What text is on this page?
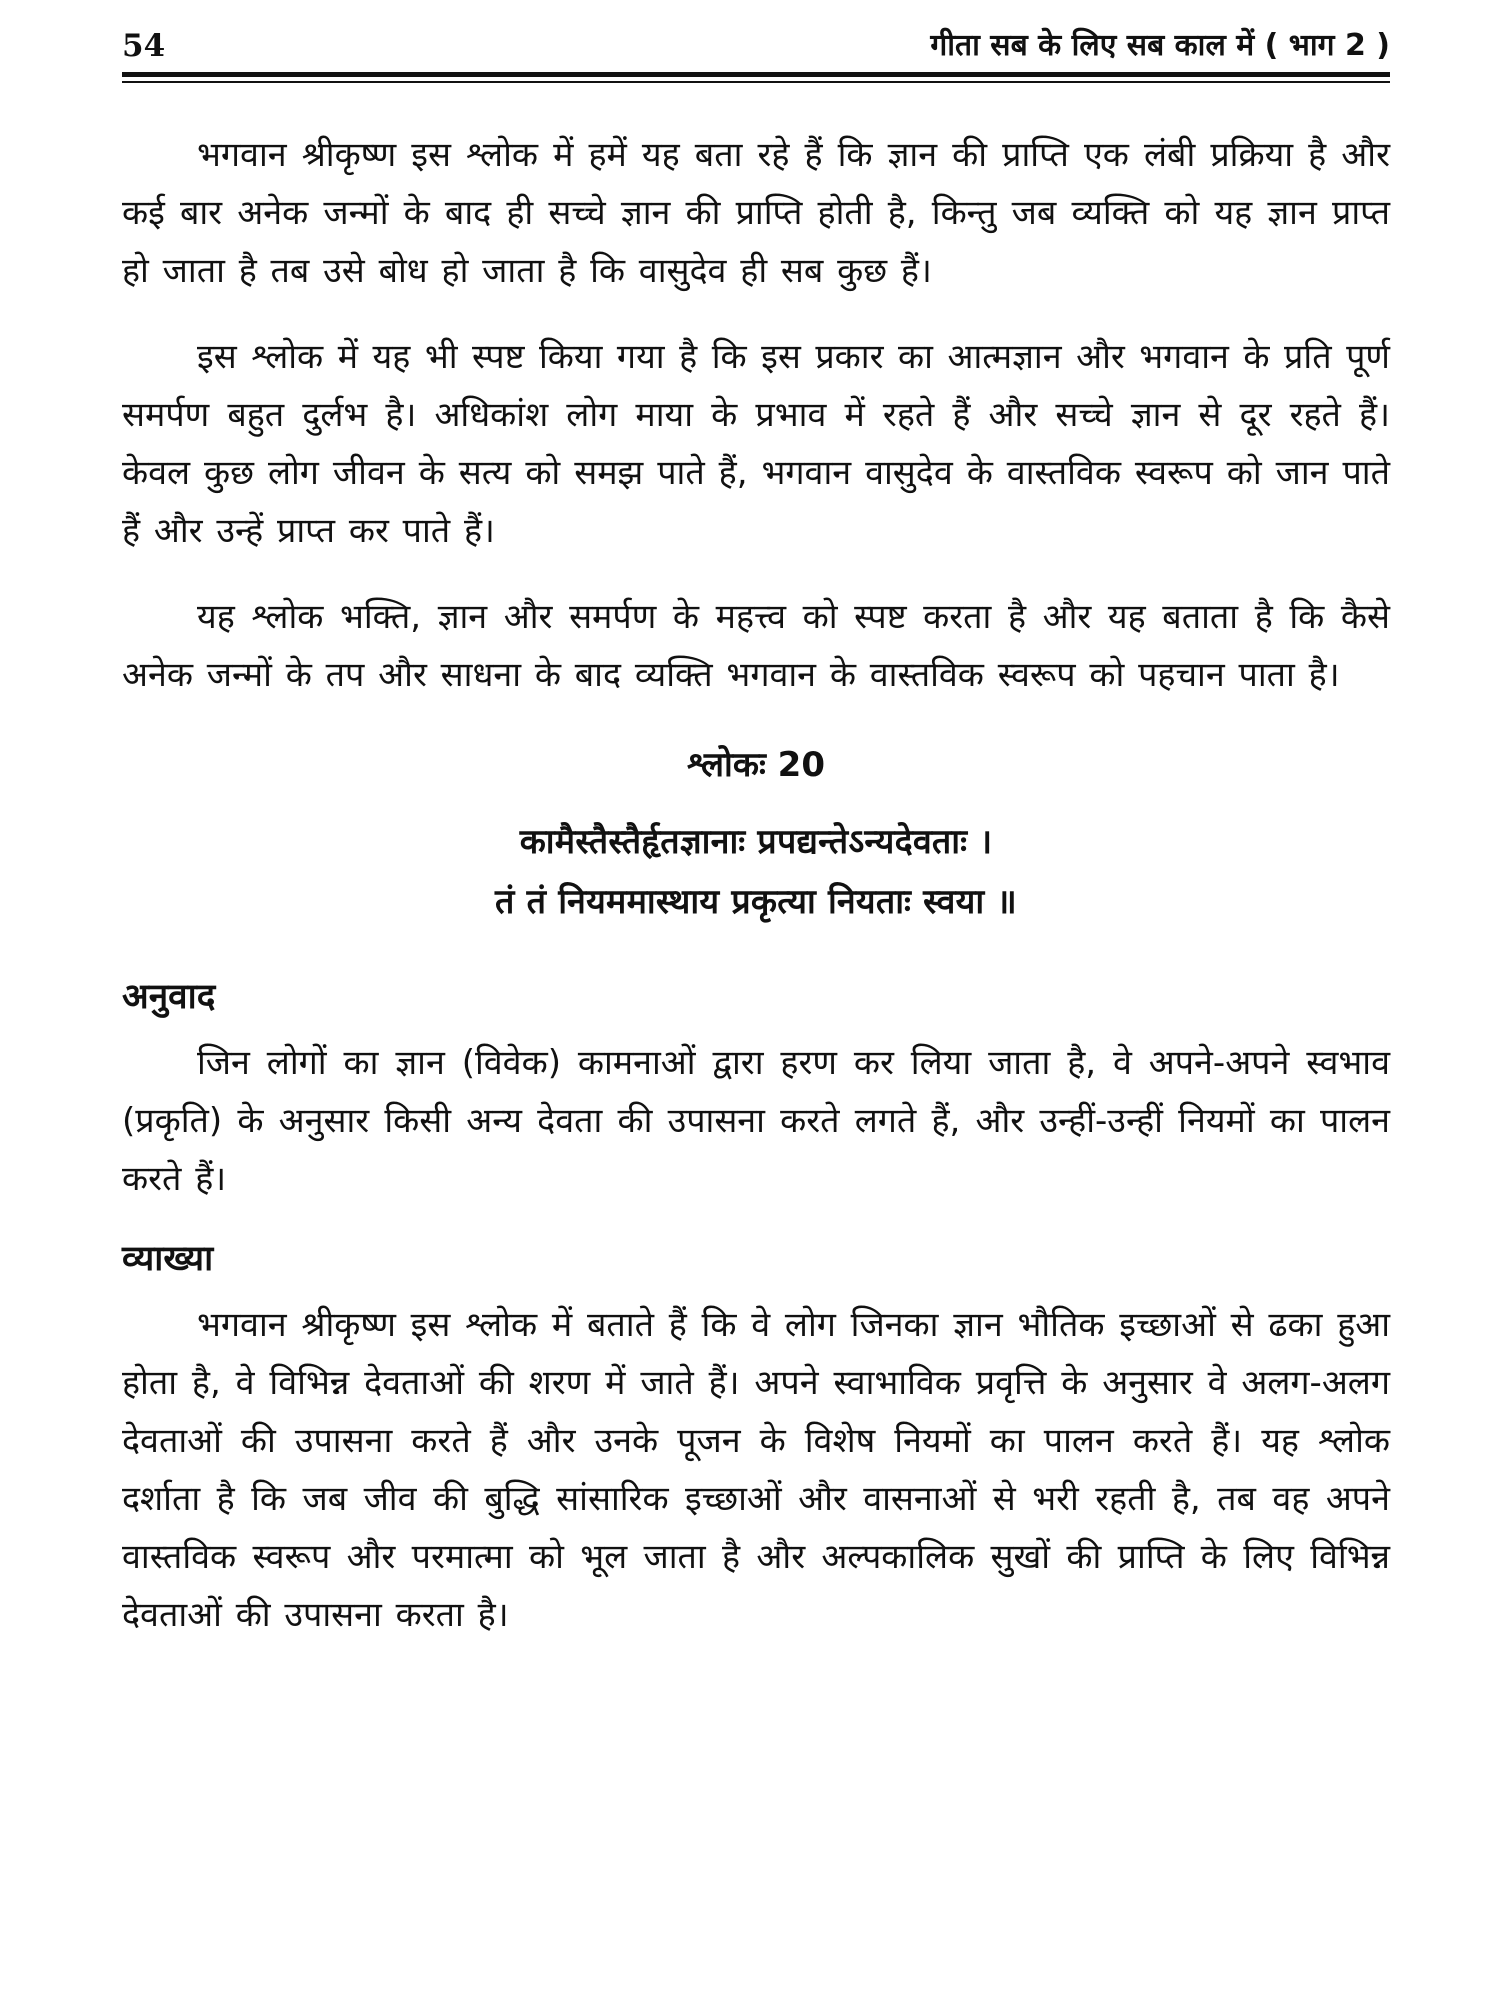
54	गीता सब के लिए सब काल में ( भाग 2 )

भगवान श्रीकृष्ण इस श्लोक में हमें यह बता रहे हैं कि ज्ञान की प्राप्ति एक लंबी प्रक्रिया है और कई बार अनेक जन्मों के बाद ही सच्चे ज्ञान की प्राप्ति होती है, किन्तु जब व्यक्ति को यह ज्ञान प्राप्त हो जाता है तब उसे बोध हो जाता है कि वासुदेव ही सब कुछ हैं।

इस श्लोक में यह भी स्पष्ट किया गया है कि इस प्रकार का आत्मज्ञान और भगवान के प्रति पूर्ण समर्पण बहुत दुर्लभ है। अधिकांश लोग माया के प्रभाव में रहते हैं और सच्चे ज्ञान से दूर रहते हैं। केवल कुछ लोग जीवन के सत्य को समझ पाते हैं, भगवान वासुदेव के वास्तविक स्वरूप को जान पाते हैं और उन्हें प्राप्त कर पाते हैं।

यह श्लोक भक्ति, ज्ञान और समर्पण के महत्त्व को स्पष्ट करता है और यह बताता है कि कैसे अनेक जन्मों के तप और साधना के बाद व्यक्ति भगवान के वास्तविक स्वरूप को पहचान पाता है।

श्लोकः 20
कामैस्तैस्तैर्हृतज्ञानाः प्रपद्यन्तेऽन्यदेवताः ।
तं तं नियममास्थाय प्रकृत्या नियताः स्वया ॥
अनुवाद

जिन लोगों का ज्ञान (विवेक) कामनाओं द्वारा हरण कर लिया जाता है, वे अपने-अपने स्वभाव (प्रकृति) के अनुसार किसी अन्य देवता की उपासना करते लगते हैं, और उन्हीं-उन्हीं नियमों का पालन करते हैं।

व्याख्या

भगवान श्रीकृष्ण इस श्लोक में बताते हैं कि वे लोग जिनका ज्ञान भौतिक इच्छाओं से ढका हुआ होता है, वे विभिन्न देवताओं की शरण में जाते हैं। अपने स्वाभाविक प्रवृत्ति के अनुसार वे अलग-अलग देवताओं की उपासना करते हैं और उनके पूजन के विशेष नियमों का पालन करते हैं। यह श्लोक दर्शाता है कि जब जीव की बुद्धि सांसारिक इच्छाओं और वासनाओं से भरी रहती है, तब वह अपने वास्तविक स्वरूप और परमात्मा को भूल जाता है और अल्पकालिक सुखों की प्राप्ति के लिए विभिन्न देवताओं की उपासना करता है।
